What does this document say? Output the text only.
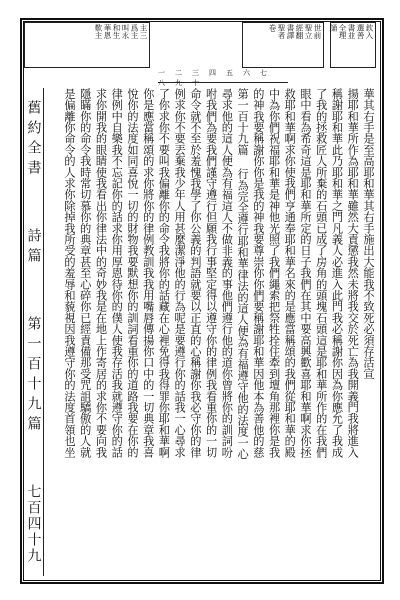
欽入
選善
書並
全理
誦
世前
聖立
經翻
書譯
聖者
卷
主三
爲主
叫永
和生
華恩
歎主
一二三四五六七八九十
舊約全書
詩篇
第一百十九篇
七百四十九
華其右手是至高耶和華其右手施出大能我不致死必須存活宣
揚耶和華所作為耶和華雖然大責懲我然未將我交於死亡為我開義門我將進入
稱謝耶和華此乃耶和華之門凡義人必進入此門我必稱謝你因為你應允了我成
了我的拯救匠人所棄的石頭已成了房角的頭塊石頭這是耶和華所作的在我們
眼中看為希奇這是耶和華所定的日子我們在其中要高興歡喜耶和華啊求你拯
救耶和華啊求你使我們亨通奉耶和華名來的是應當稱頌的我們從耶和華的殿
中為你們祝福耶和華是神他光照了我們繩索把祭牲拴住牽到壇角那裡你是我
的神我要稱謝你你是我的神我要尊崇你你們要稱謝耶和華因他本為善他的慈
第一百十九篇 行為完全遵行耶和華律法的這人便為有福遵守他的法度一心
尋求他的這人便為有福這人不做非義的事他們遵行他的道你曾將你的訓詞吩
咐我們為要我們謹守遵行但願我行事堅定得以遵守你的律例我看重你的一切
命令就不至於羞愧我學了你公義的判語就要以正直的心稱謝你我必守你的律
例求你不要丟棄我少年人用甚麼潔淨他的行為呢是要遵行你的話我一心尋求
了你求你不要叫我偏離你的命令我將你的話藏在心裡免得我得罪你耶和華啊
你是應當稱頌的求你將你的律例教訓我我用嘴唇傳揚你口中的一切典章我喜
悅你的法度如同喜悅一切的財物我要默想你的訓詞看重你的道路我要在你的
律例中自樂我不忘記你的話求你用厚恩待你的僕人使我存活我就遵守你的話
求你開我的眼睛使我看出你律法中的奇妙我是在地上作寄居的求你不要向我
隱瞞你的命令我時常切慕你的典章甚至心碎你已經責備那受咒詛驕傲的人就
是偏離你命令的人求你除掉我所受的羞辱和藐視因我遵守你的法度首領也坐
